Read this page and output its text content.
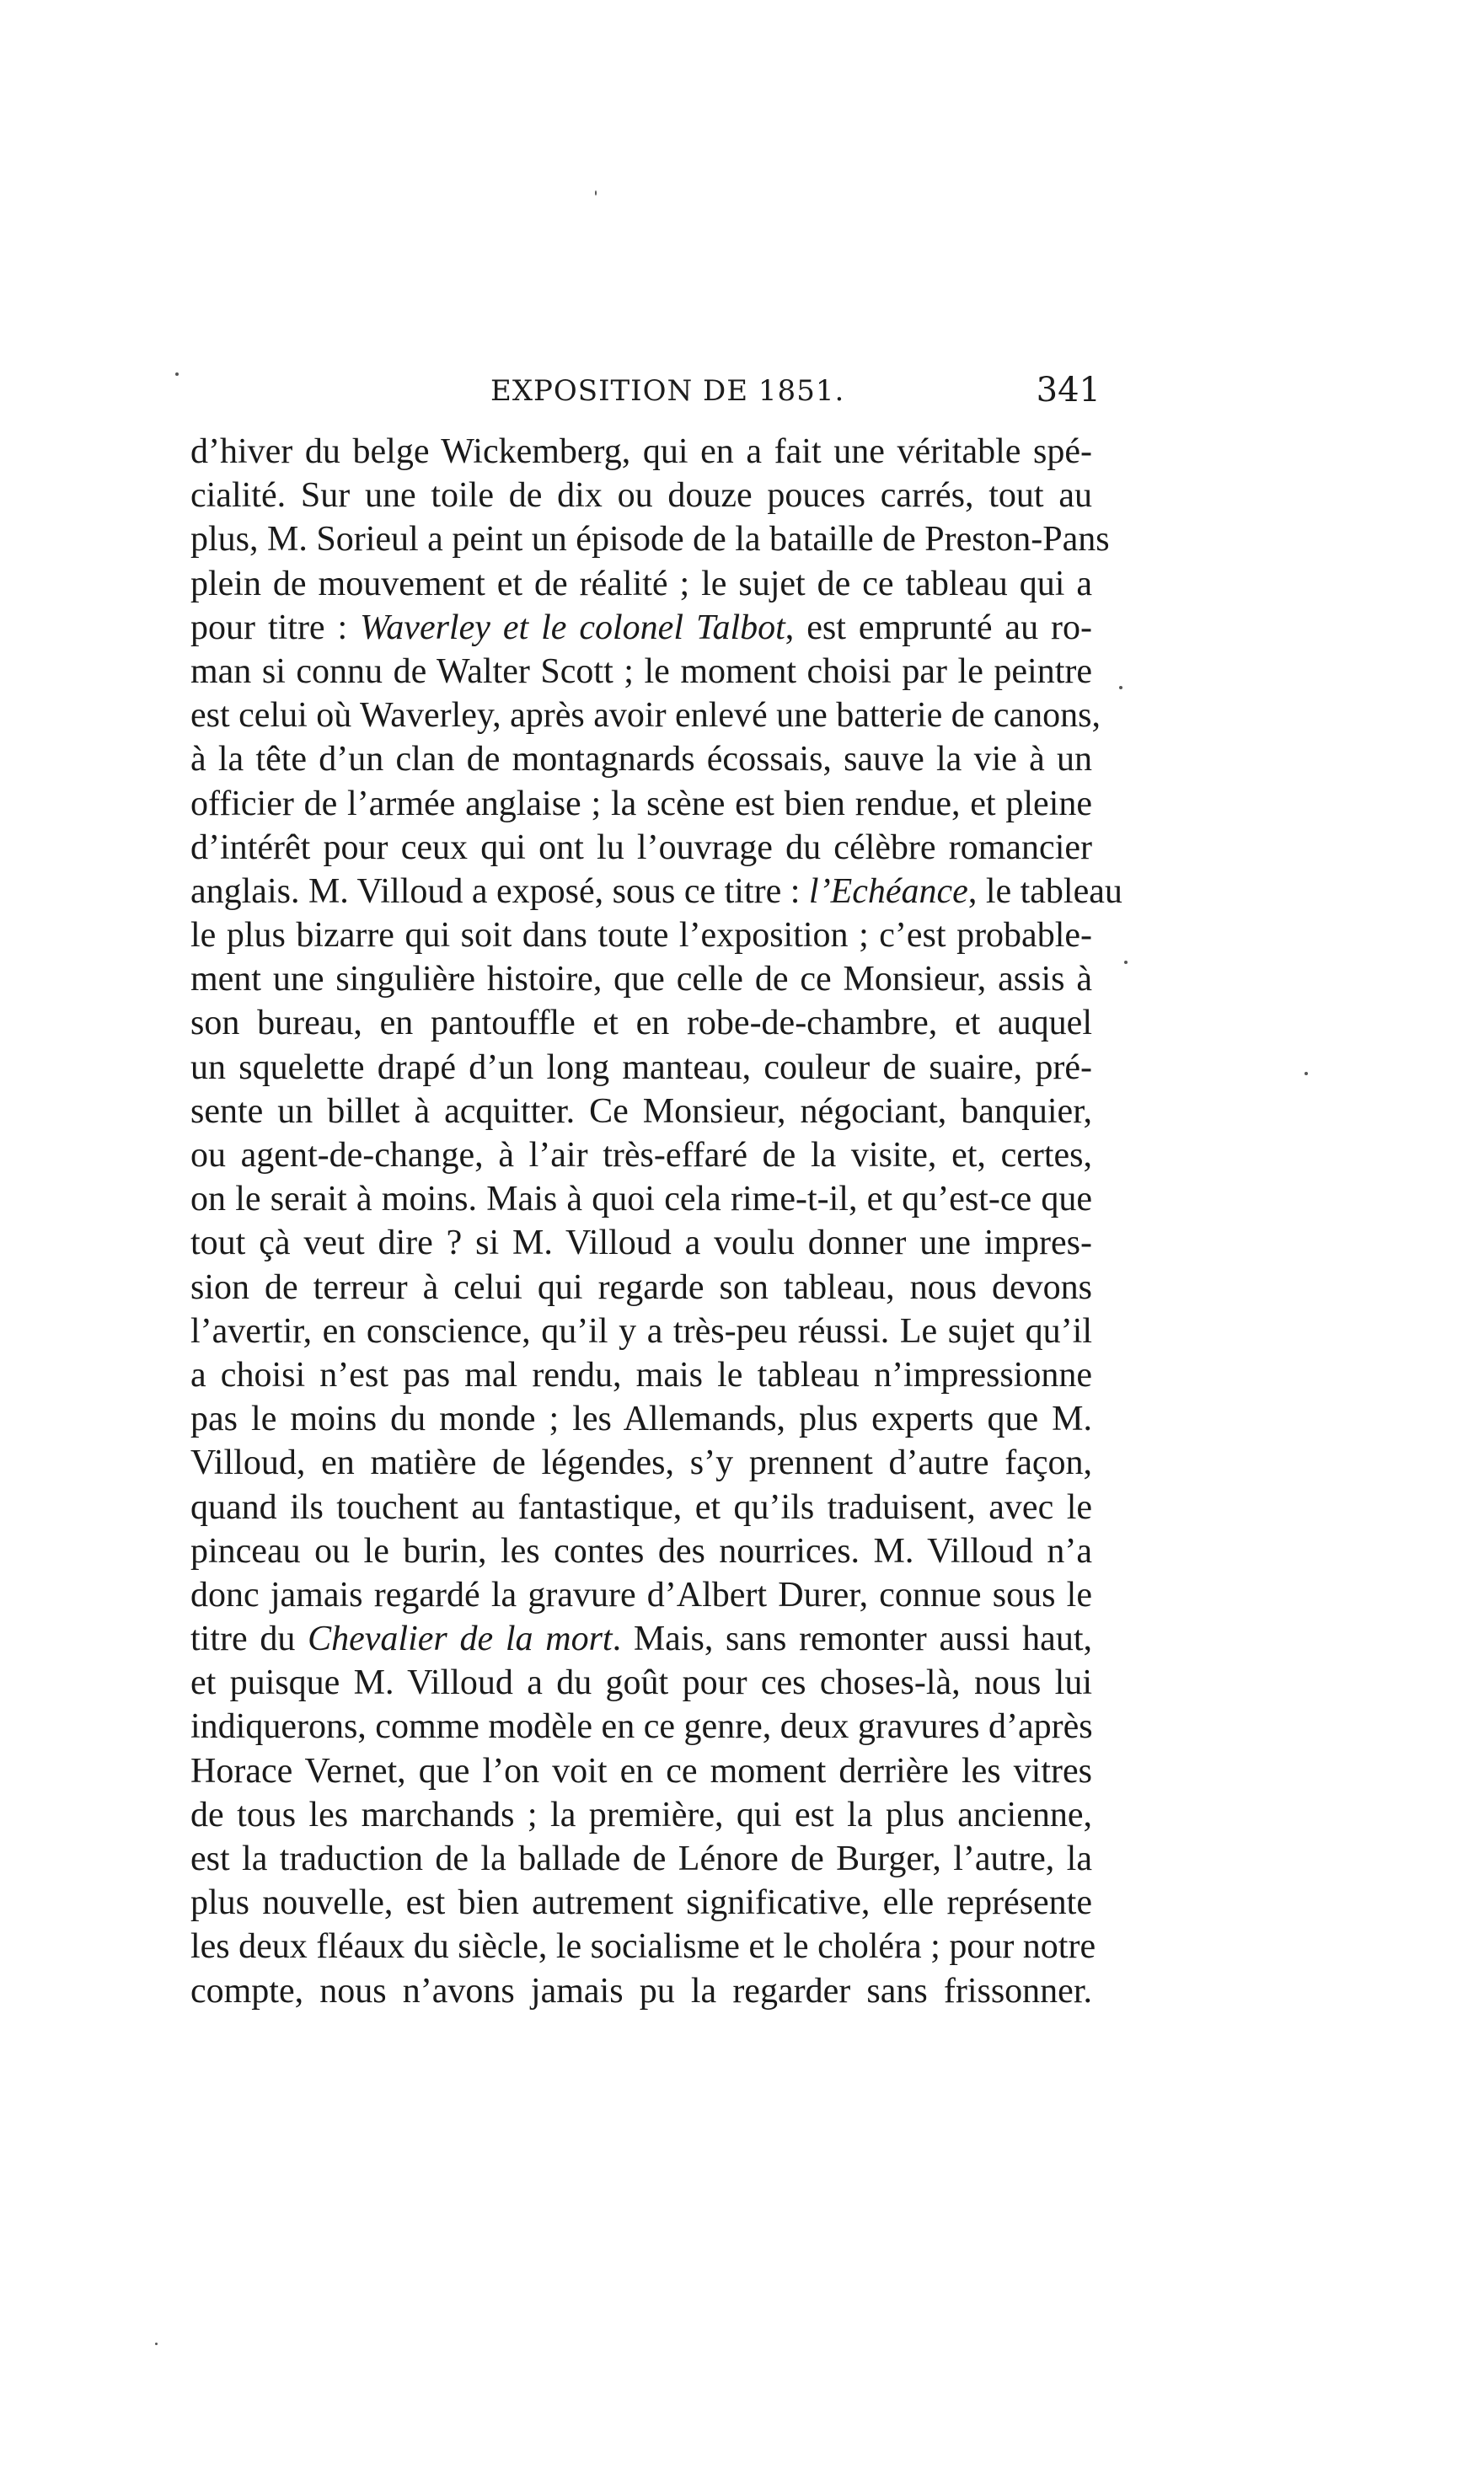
EXPOSITION DE 1851.	341
d’hiver du belge Wickemberg, qui en a fait une véritable spé-
cialité. Sur une toile de dix ou douze pouces carrés, tout au
plus, M. Sorieul a peint un épisode de la bataille de Preston-Pans
plein de mouvement et de réalité ; le sujet de ce tableau qui a
pour titre : Waverley et le colonel Talbot, est emprunté au ro-
man si connu de Walter Scott ; le moment choisi par le peintre
est celui où Waverley, après avoir enlevé une batterie de canons,
à la tête d’un clan de montagnards écossais, sauve la vie à un
officier de l’armée anglaise ; la scène est bien rendue, et pleine
d’intérêt pour ceux qui ont lu l’ouvrage du célèbre romancier
anglais. M. Villoud a exposé, sous ce titre : l’Echéance, le tableau
le plus bizarre qui soit dans toute l’exposition ; c’est probable-
ment une singulière histoire, que celle de ce Monsieur, assis à
son bureau, en pantouffle et en robe-de-chambre, et auquel
un squelette drapé d’un long manteau, couleur de suaire, pré-
sente un billet à acquitter. Ce Monsieur, négociant, banquier,
ou agent-de-change, à l’air très-effaré de la visite, et, certes,
on le serait à moins. Mais à quoi cela rime-t-il, et qu’est-ce que
tout çà veut dire ? si M. Villoud a voulu donner une impres-
sion de terreur à celui qui regarde son tableau, nous devons
l’avertir, en conscience, qu’il y a très-peu réussi. Le sujet qu’il
a choisi n’est pas mal rendu, mais le tableau n’impressionne
pas le moins du monde ; les Allemands, plus experts que M.
Villoud, en matière de légendes, s’y prennent d’autre façon,
quand ils touchent au fantastique, et qu’ils traduisent, avec le
pinceau ou le burin, les contes des nourrices. M. Villoud n’a
donc jamais regardé la gravure d’Albert Durer, connue sous le
titre du Chevalier de la mort. Mais, sans remonter aussi haut,
et puisque M. Villoud a du goût pour ces choses-là, nous lui
indiquerons, comme modèle en ce genre, deux gravures d’après
Horace Vernet, que l’on voit en ce moment derrière les vitres
de tous les marchands ; la première, qui est la plus ancienne,
est la traduction de la ballade de Lénore de Burger, l’autre, la
plus nouvelle, est bien autrement significative, elle représente
les deux fléaux du siècle, le socialisme et le choléra ; pour notre
compte, nous n’avons jamais pu la regarder sans frissonner.
